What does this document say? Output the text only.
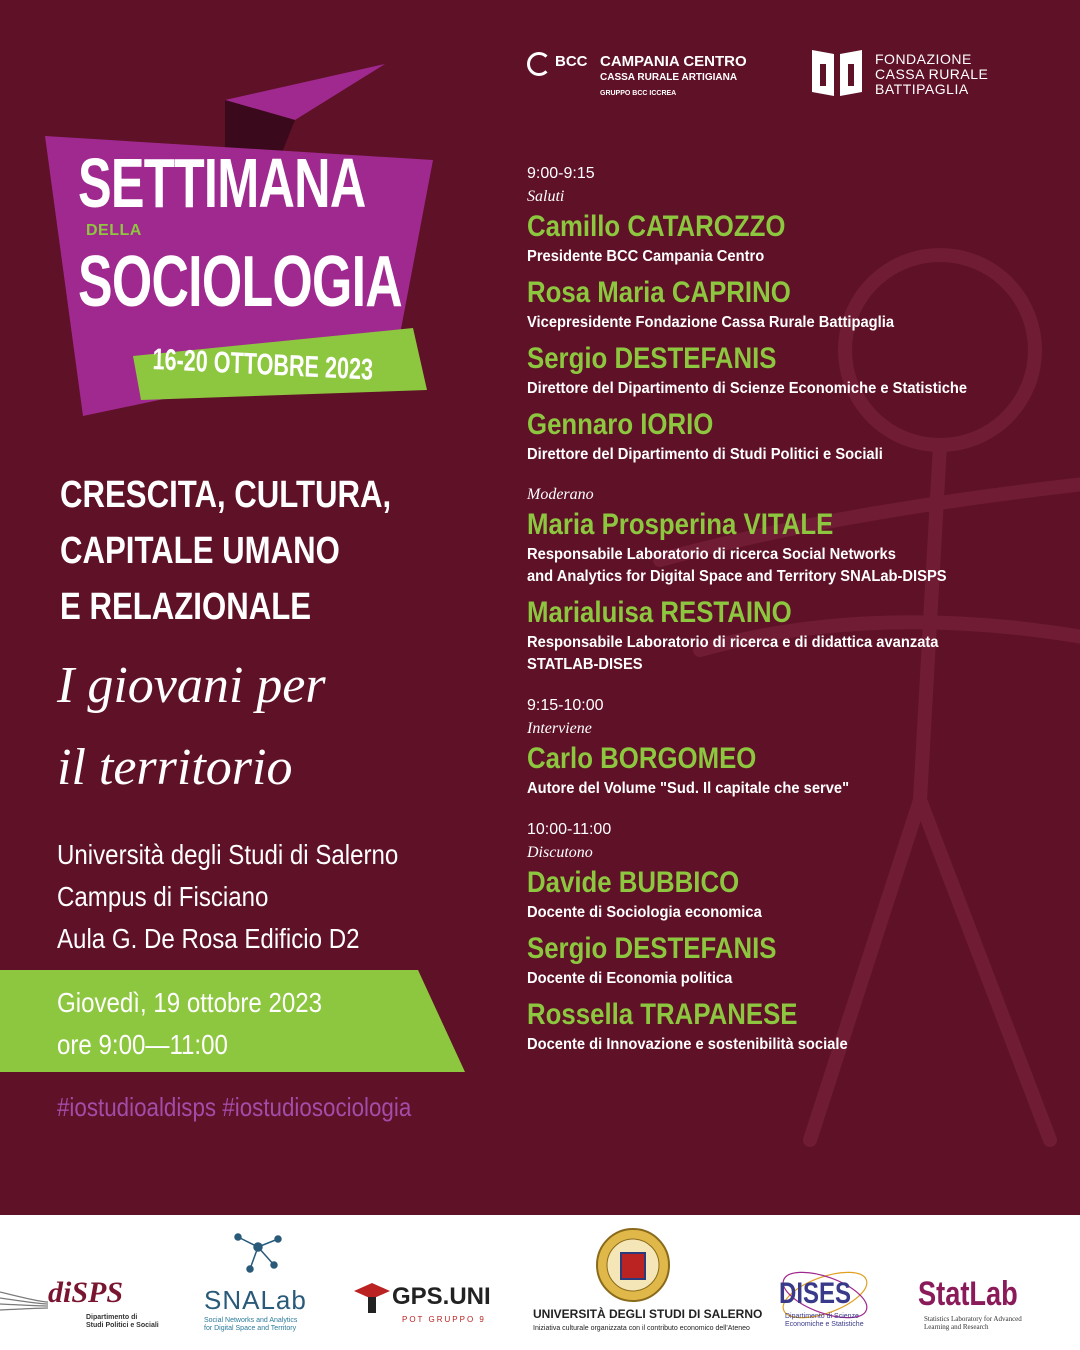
BCC CAMPANIA CENTRO
CASSA RURALE ARTIGIANA
GRUPPO BCC ICCREA
FONDAZIONE
CASSA RURALE
BATTIPAGLIA
SETTIMANA
DELLA
SOCIOLOGIA
16-20 OTTOBRE 2023
CRESCITA, CULTURA,
CAPITALE UMANO
E RELAZIONALE
I giovani per
il territorio
Università degli Studi di Salerno
Campus di Fisciano
Aula G. De Rosa Edificio D2
Giovedì, 19 ottobre 2023
ore 9:00—11:00
#iostudioaldisps #iostudiosociologia
9:00-9:15
Saluti
Camillo CATAROZZO
Presidente BCC Campania Centro
Rosa Maria CAPRINO
Vicepresidente Fondazione Cassa Rurale Battipaglia
Sergio DESTEFANIS
Direttore del Dipartimento di Scienze Economiche e Statistiche
Gennaro IORIO
Direttore del Dipartimento di Studi Politici e Sociali
Moderano
Maria Prosperina VITALE
Responsabile Laboratorio di ricerca Social Networks
and Analytics for Digital Space and Territory SNALab-DISPS
Marialuisa RESTAINO
Responsabile Laboratorio di ricerca e di didattica avanzata
STATLAB-DISES
9:15-10:00
Interviene
Carlo BORGOMEO
Autore del Volume "Sud. Il capitale che serve"
10:00-11:00
Discutono
Davide BUBBICO
Docente di Sociologia economica
Sergio DESTEFANIS
Docente di Economia politica
Rossella TRAPANESE
Docente di Innovazione e sostenibilità sociale
diSPS
Dipartimento di
Studi Politici e Sociali
SNALab
Social Networks and Analytics
for Digital Space and Territory
GPS.UNI
POT GRUPPO 9	UNIVERSITÀ DEGLI STUDI DI SALERNO
Iniziativa culturale organizzata con il contributo economico dell'Ateneo
DISES
Dipartimento di Scienze
Economiche e Statistiche
StatLab
Statistics Laboratory for Advanced
Learning and Research
